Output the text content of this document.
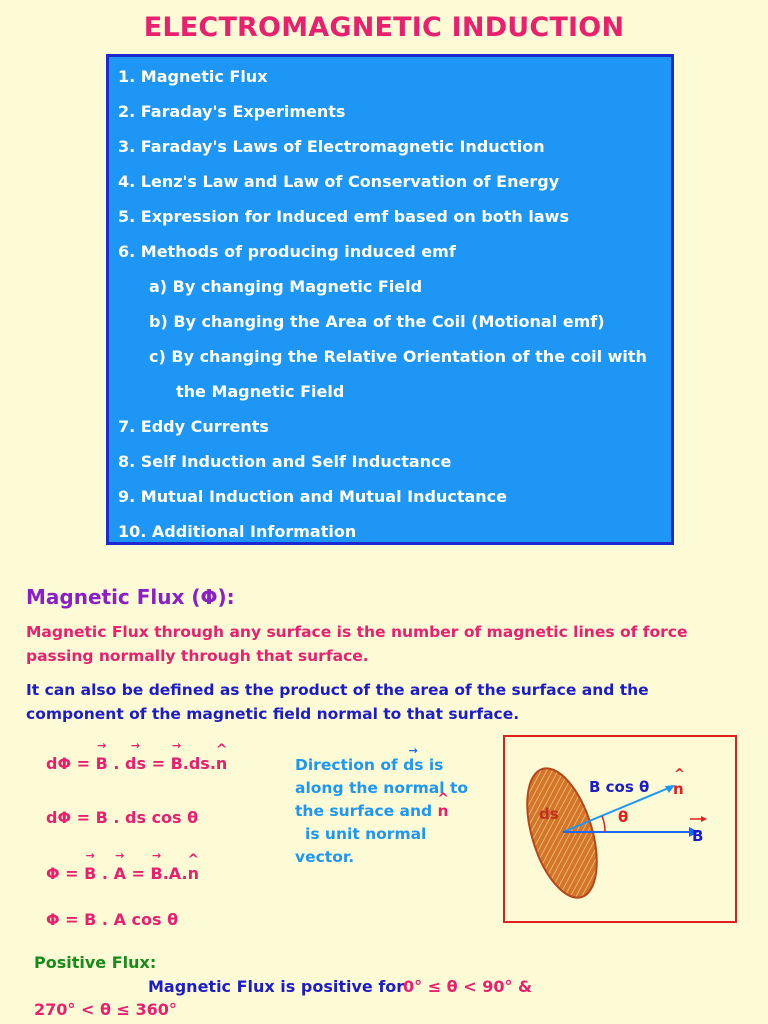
ELECTROMAGNETIC INDUCTION
1. Magnetic Flux
2. Faraday's Experiments
3. Faraday's Laws of Electromagnetic Induction
4. Lenz's Law and Law of Conservation of Energy
5. Expression for Induced emf based on both laws
6. Methods of producing induced emf
a) By changing Magnetic Field
b) By changing the Area of the Coil (Motional emf)
c) By changing the Relative Orientation of the coil with
the Magnetic Field
7. Eddy Currents
8. Self Induction and Self Inductance
9. Mutual Induction and Mutual Inductance
10. Additional Information
Magnetic Flux (Φ):
Magnetic Flux through any surface is the number of magnetic lines of force passing normally through that surface.
It can also be defined as the product of the area of the surface and the component of the magnetic field normal to that surface.
dΦ = → B . → ds = → B.ds.^ n
dΦ = B . ds cos θ
Φ = → B . → A = → B.A.^ n
Φ = B . A cos θ
Direction of → ds is
along the normal to
the surface and ^ n
is unit normal
vector.
ds	θ
B cos θ n
^
B
Positive Flux:
Magnetic Flux is positive for
0° ≤ θ < 90° &
270° < θ ≤ 360°
